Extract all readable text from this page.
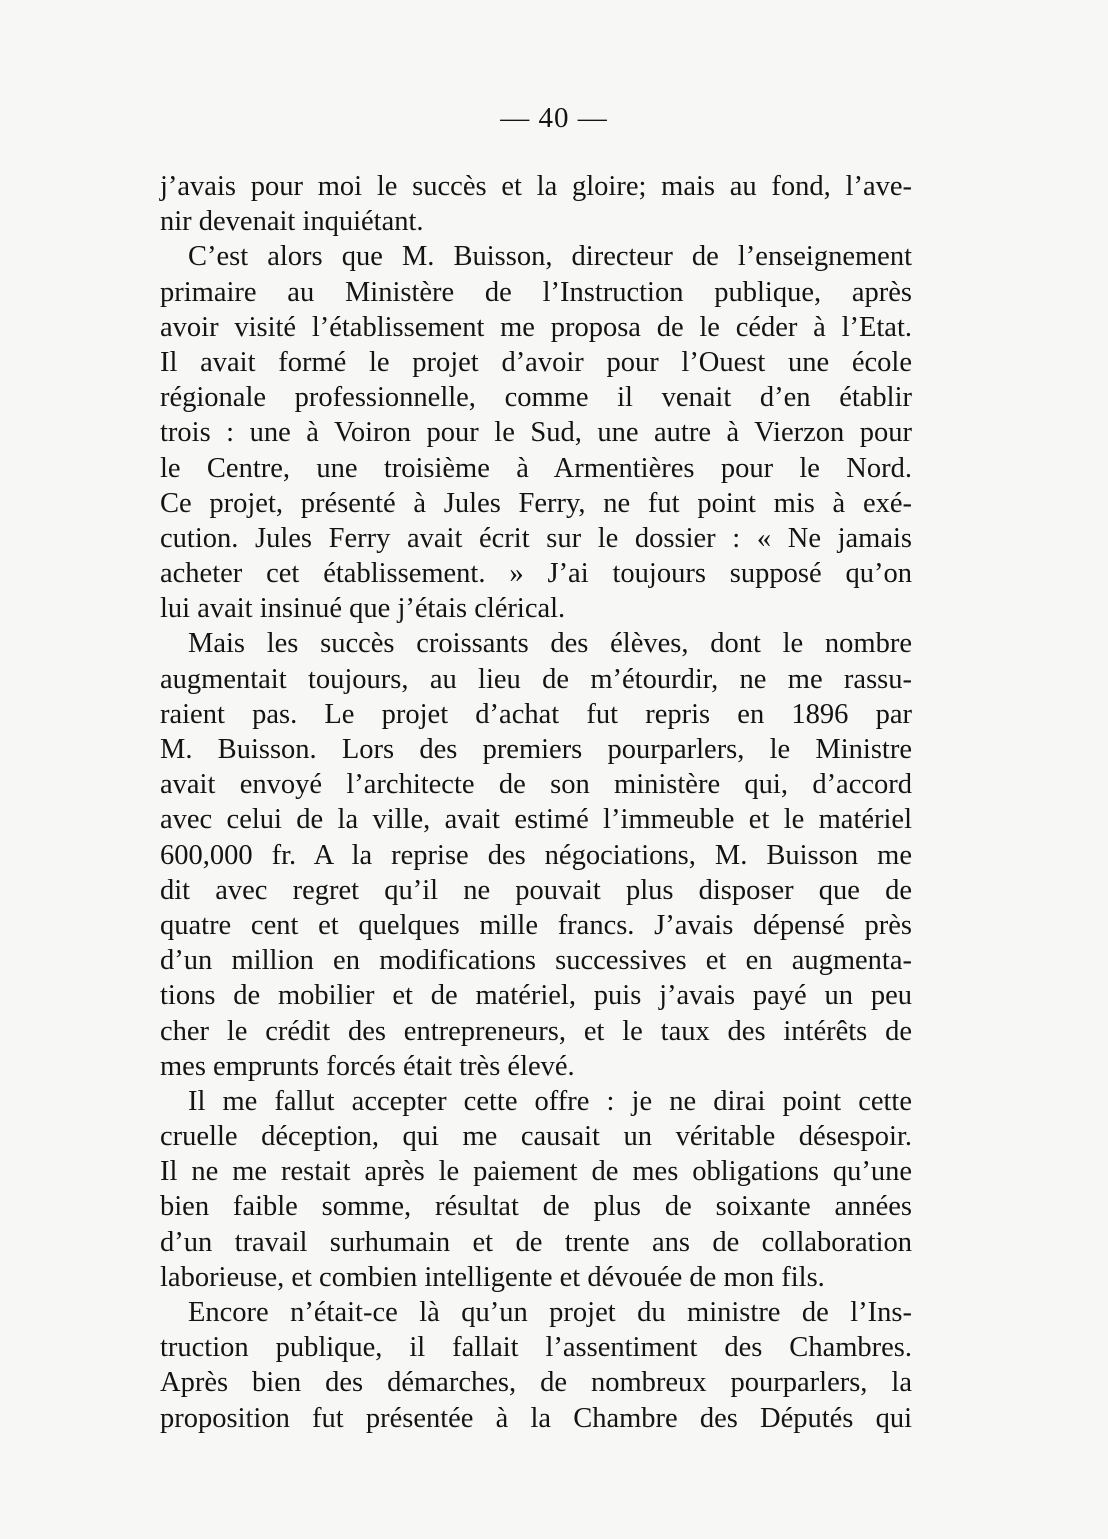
— 40 —
j’avais pour moi le succès et la gloire; mais au fond, l’ave-
nir devenait inquiétant.
C’est alors que M. Buisson, directeur de l’enseignement
primaire au Ministère de l’Instruction publique, après
avoir visité l’établissement me proposa de le céder à l’Etat.
Il avait formé le projet d’avoir pour l’Ouest une école
régionale professionnelle, comme il venait d’en établir
trois : une à Voiron pour le Sud, une autre à Vierzon pour
le Centre, une troisième à Armentières pour le Nord.
Ce projet, présenté à Jules Ferry, ne fut point mis à exé-
cution. Jules Ferry avait écrit sur le dossier : « Ne jamais
acheter cet établissement. » J’ai toujours supposé qu’on
lui avait insinué que j’étais clérical.
Mais les succès croissants des élèves, dont le nombre
augmentait toujours, au lieu de m’étourdir, ne me rassu-
raient pas. Le projet d’achat fut repris en 1896 par
M. Buisson. Lors des premiers pourparlers, le Ministre
avait envoyé l’architecte de son ministère qui, d’accord
avec celui de la ville, avait estimé l’immeuble et le matériel
600,000 fr. A la reprise des négociations, M. Buisson me
dit avec regret qu’il ne pouvait plus disposer que de
quatre cent et quelques mille francs. J’avais dépensé près
d’un million en modifications successives et en augmenta-
tions de mobilier et de matériel, puis j’avais payé un peu
cher le crédit des entrepreneurs, et le taux des intérêts de
mes emprunts forcés était très élevé.
Il me fallut accepter cette offre : je ne dirai point cette
cruelle déception, qui me causait un véritable désespoir.
Il ne me restait après le paiement de mes obligations qu’une
bien faible somme, résultat de plus de soixante années
d’un travail surhumain et de trente ans de collaboration
laborieuse, et combien intelligente et dévouée de mon fils.
Encore n’était-ce là qu’un projet du ministre de l’Ins-
truction publique, il fallait l’assentiment des Chambres.
Après bien des démarches, de nombreux pourparlers, la
proposition fut présentée à la Chambre des Députés qui
